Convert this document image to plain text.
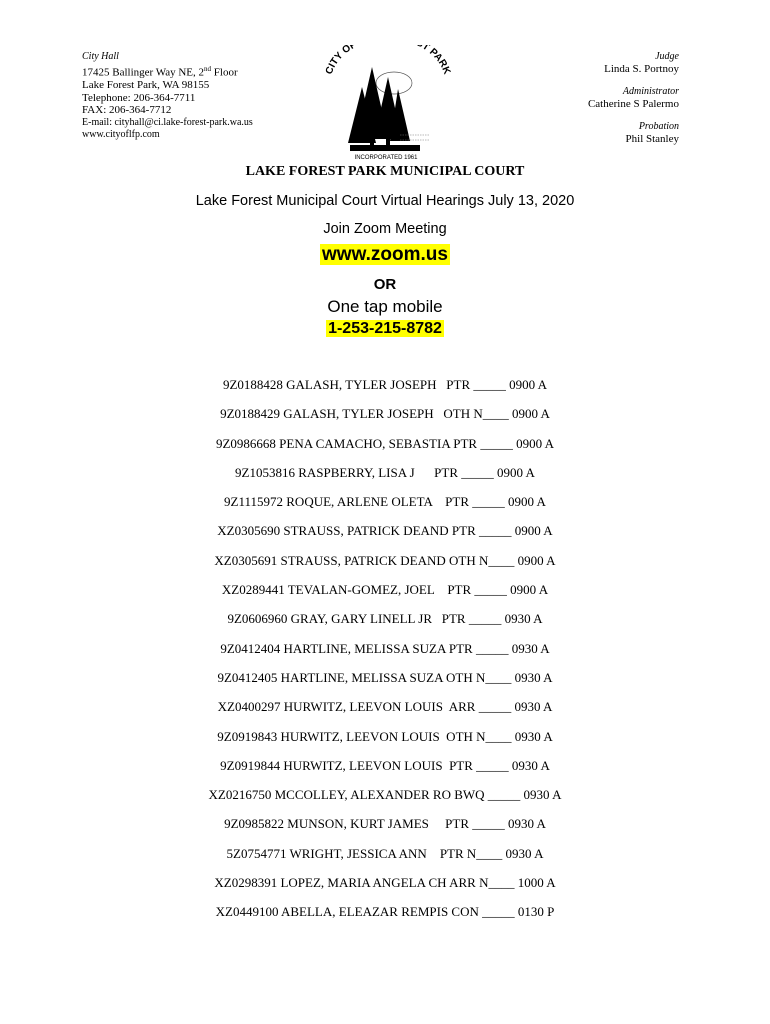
City Hall
17425 Ballinger Way NE, 2nd Floor
Lake Forest Park, WA 98155
Telephone: 206-364-7711
FAX: 206-364-7712
E-mail: cityhall@ci.lake-forest-park.wa.us
www.cityoflfp.com
CITY OF T PARK
INCORPORATED 1961
Judge
Linda S. Portnoy
Administrator
Catherine S Palermo
Probation
Phil Stanley
LAKE FOREST PARK MUNICIPAL COURT
Lake Forest Municipal Court Virtual Hearings July 13, 2020
Join Zoom Meeting
www.zoom.us
OR
One tap mobile
1-253-215-8782
9Z0188428 GALASH, TYLER JOSEPH   PTR _____ 0900 A
9Z0188429 GALASH, TYLER JOSEPH   OTH N____ 0900 A
9Z0986668 PENA CAMACHO, SEBASTIA PTR _____ 0900 A
9Z1053816 RASPBERRY, LISA J      PTR _____ 0900 A
9Z1115972 ROQUE, ARLENE OLETA    PTR _____ 0900 A
XZ0305690 STRAUSS, PATRICK DEAND PTR _____ 0900 A
XZ0305691 STRAUSS, PATRICK DEAND OTH N____ 0900 A
XZ0289441 TEVALAN-GOMEZ, JOEL    PTR _____ 0900 A
9Z0606960 GRAY, GARY LINELL JR   PTR _____ 0930 A
9Z0412404 HARTLINE, MELISSA SUZA PTR _____ 0930 A
9Z0412405 HARTLINE, MELISSA SUZA OTH N____ 0930 A
XZ0400297 HURWITZ, LEEVON LOUIS  ARR _____ 0930 A
9Z0919843 HURWITZ, LEEVON LOUIS  OTH N____ 0930 A
9Z0919844 HURWITZ, LEEVON LOUIS  PTR _____ 0930 A
XZ0216750 MCCOLLEY, ALEXANDER RO BWQ _____ 0930 A
9Z0985822 MUNSON, KURT JAMES     PTR _____ 0930 A
5Z0754771 WRIGHT, JESSICA ANN    PTR N____ 0930 A
XZ0298391 LOPEZ, MARIA ANGELA CH ARR N____ 1000 A
XZ0449100 ABELLA, ELEAZAR REMPIS CON _____ 0130 P
